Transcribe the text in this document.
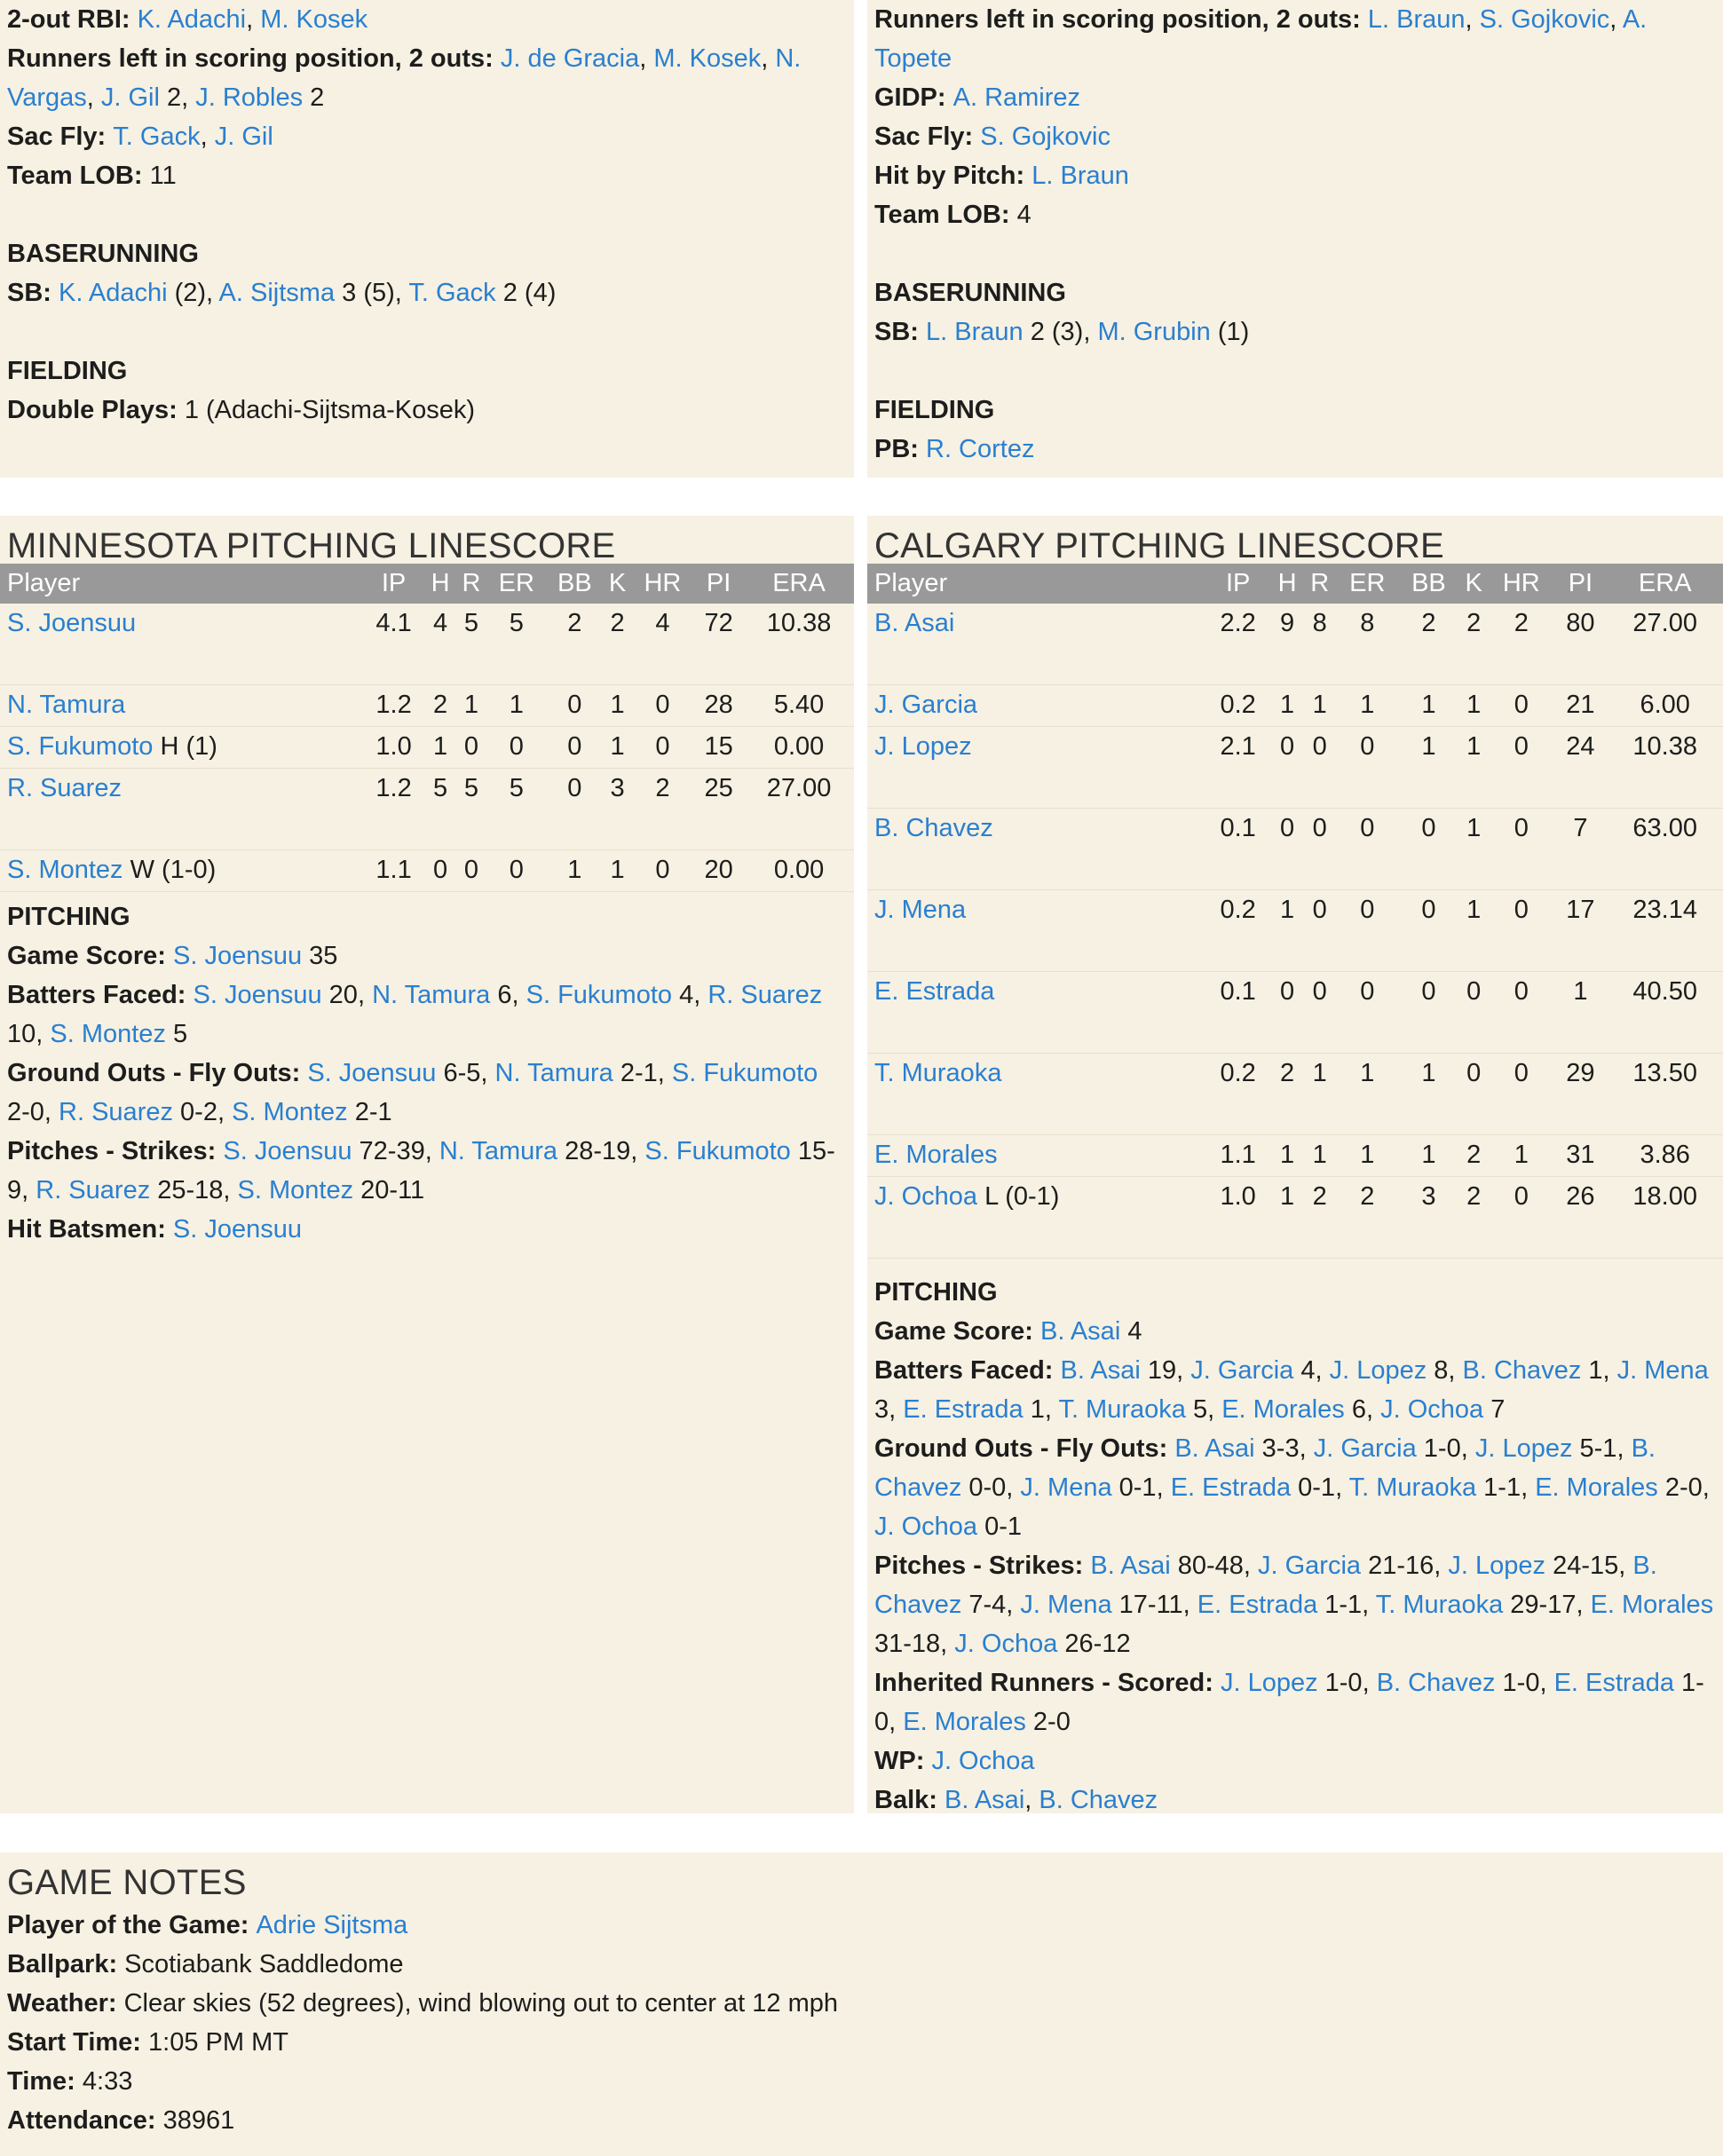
2-out RBI: K. Adachi, M. Kosek

Runners left in scoring position, 2 outs: J. de Gracia, M. Kosek, N. Vargas, J. Gil 2, J. Robles 2

Sac Fly: T. Gack, J. Gil

Team LOB: 11

BASERUNNING

SB: K. Adachi (2), A. Sijtsma 3 (5), T. Gack 2 (4)

FIELDING

Double Plays: 1 (Adachi-Sijtsma-Kosek)

Runners left in scoring position, 2 outs: L. Braun, S. Gojkovic, A. Topete

GIDP: A. Ramirez

Sac Fly: S. Gojkovic

Hit by Pitch: L. Braun

Team LOB: 4

BASERUNNING

SB: L. Braun 2 (3), M. Grubin (1)

FIELDING

PB: R. Cortez

MINNESOTA PITCHING LINESCORE
Player	IP	H	R	ER	BB	K	HR	PI	ERA
S. Joensuu	4.1	4	5	5	2	2	4	72	10.38
N. Tamura	1.2	2	1	1	0	1	0	28	5.40
S. Fukumoto H (1)	1.0	1	0	0	0	1	0	15	0.00
R. Suarez	1.2	5	5	5	0	3	2	25	27.00
S. Montez W (1-0)	1.1	0	0	0	1	1	0	20	0.00

PITCHING

Game Score: S. Joensuu 35

Batters Faced: S. Joensuu 20, N. Tamura 6, S. Fukumoto 4, R. Suarez 10, S. Montez 5

Ground Outs - Fly Outs: S. Joensuu 6-5, N. Tamura 2-1, S. Fukumoto 2-0, R. Suarez 0-2, S. Montez 2-1

Pitches - Strikes: S. Joensuu 72-39, N. Tamura 28-19, S. Fukumoto 15-9, R. Suarez 25-18, S. Montez 20-11

Hit Batsmen: S. Joensuu

CALGARY PITCHING LINESCORE
Player	IP	H	R	ER	BB	K	HR	PI	ERA
B. Asai	2.2	9	8	8	2	2	2	80	27.00
J. Garcia	0.2	1	1	1	1	1	0	21	6.00
J. Lopez	2.1	0	0	0	1	1	0	24	10.38
B. Chavez	0.1	0	0	0	0	1	0	7	63.00
J. Mena	0.2	1	0	0	0	1	0	17	23.14
E. Estrada	0.1	0	0	0	0	0	0	1	40.50
T. Muraoka	0.2	2	1	1	1	0	0	29	13.50
E. Morales	1.1	1	1	1	1	2	1	31	3.86
J. Ochoa L (0-1)	1.0	1	2	2	3	2	0	26	18.00

PITCHING

Game Score: B. Asai 4

Batters Faced: B. Asai 19, J. Garcia 4, J. Lopez 8, B. Chavez 1, J. Mena 3, E. Estrada 1, T. Muraoka 5, E. Morales 6, J. Ochoa 7

Ground Outs - Fly Outs: B. Asai 3-3, J. Garcia 1-0, J. Lopez 5-1, B. Chavez 0-0, J. Mena 0-1, E. Estrada 0-1, T. Muraoka 1-1, E. Morales 2-0, J. Ochoa 0-1

Pitches - Strikes: B. Asai 80-48, J. Garcia 21-16, J. Lopez 24-15, B. Chavez 7-4, J. Mena 17-11, E. Estrada 1-1, T. Muraoka 29-17, E. Morales 31-18, J. Ochoa 26-12

Inherited Runners - Scored: J. Lopez 1-0, B. Chavez 1-0, E. Estrada 1-0, E. Morales 2-0

WP: J. Ochoa

Balk: B. Asai, B. Chavez

GAME NOTES

Player of the Game: Adrie Sijtsma

Ballpark: Scotiabank Saddledome

Weather: Clear skies (52 degrees), wind blowing out to center at 12 mph

Start Time: 1:05 PM MT

Time: 4:33

Attendance: 38961
